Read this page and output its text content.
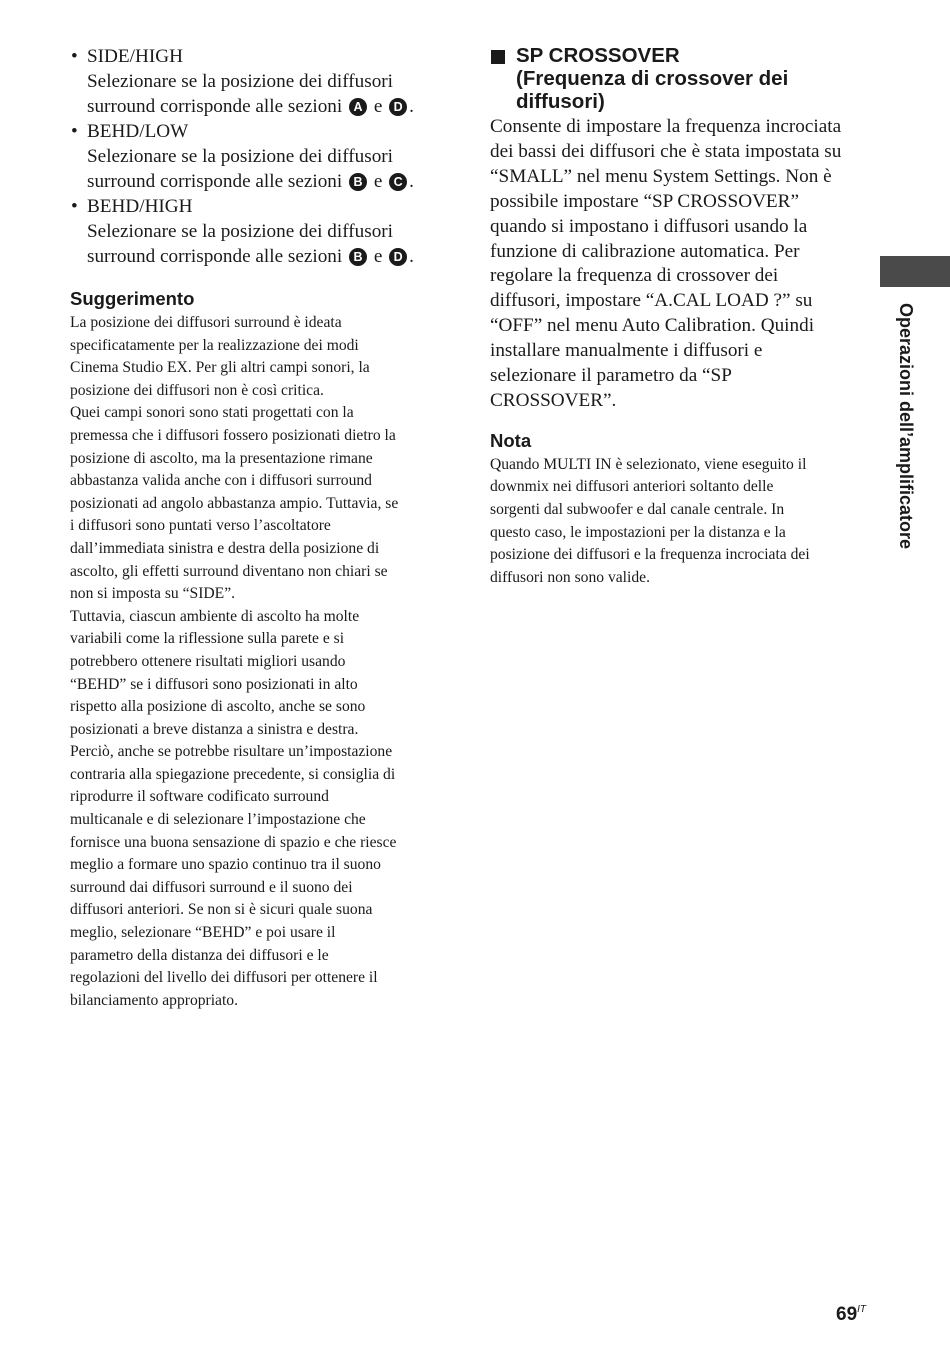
• SIDE/HIGH
Selezionare se la posizione dei diffusori
surround corrisponde alle sezioni A e D .
• BEHD/LOW
Selezionare se la posizione dei diffusori
surround corrisponde alle sezioni B e C .
• BEHD/HIGH
Selezionare se la posizione dei diffusori
surround corrisponde alle sezioni B e D .
Suggerimento

La posizione dei diffusori surround è ideata
specificatamente per la realizzazione dei modi
Cinema Studio EX. Per gli altri campi sonori, la
posizione dei diffusori non è così critica.
Quei campi sonori sono stati progettati con la
premessa che i diffusori fossero posizionati dietro la
posizione di ascolto, ma la presentazione rimane
abbastanza valida anche con i diffusori surround
posizionati ad angolo abbastanza ampio. Tuttavia, se
i diffusori sono puntati verso l’ascoltatore
dall’immediata sinistra e destra della posizione di
ascolto, gli effetti surround diventano non chiari se
non si imposta su “SIDE”.
Tuttavia, ciascun ambiente di ascolto ha molte
variabili come la riflessione sulla parete e si
potrebbero ottenere risultati migliori usando
“BEHD” se i diffusori sono posizionati in alto
rispetto alla posizione di ascolto, anche se sono
posizionati a breve distanza a sinistra e destra.
Perciò, anche se potrebbe risultare un’impostazione
contraria alla spiegazione precedente, si consiglia di
riprodurre il software codificato surround
multicanale e di selezionare l’impostazione che
fornisce una buona sensazione di spazio e che riesce
meglio a formare uno spazio continuo tra il suono
surround dai diffusori surround e il suono dei
diffusori anteriori. Se non si è sicuri quale suona
meglio, selezionare “BEHD” e poi usare il
parametro della distanza dei diffusori e le
regolazioni del livello dei diffusori per ottenere il
bilanciamento appropriato.

SP CROSSOVER
(Frequenza di crossover dei
diffusori)

Consente di impostare la frequenza incrociata
dei bassi dei diffusori che è stata impostata su
“SMALL” nel menu System Settings. Non è
possibile impostare “SP CROSSOVER”
quando si impostano i diffusori usando la
funzione di calibrazione automatica. Per
regolare la frequenza di crossover dei
diffusori, impostare “A.CAL LOAD ?” su
“OFF” nel menu Auto Calibration. Quindi
installare manualmente i diffusori e
selezionare il parametro da “SP
CROSSOVER”.

Nota

Quando MULTI IN è selezionato, viene eseguito il
downmix nei diffusori anteriori soltanto delle
sorgenti dal subwoofer e dal canale centrale. In
questo caso, le impostazioni per la distanza e la
posizione dei diffusori e la frequenza incrociata dei
diffusori non sono valide.

Operazioni dell’amplificatore
$69^{IT}$
